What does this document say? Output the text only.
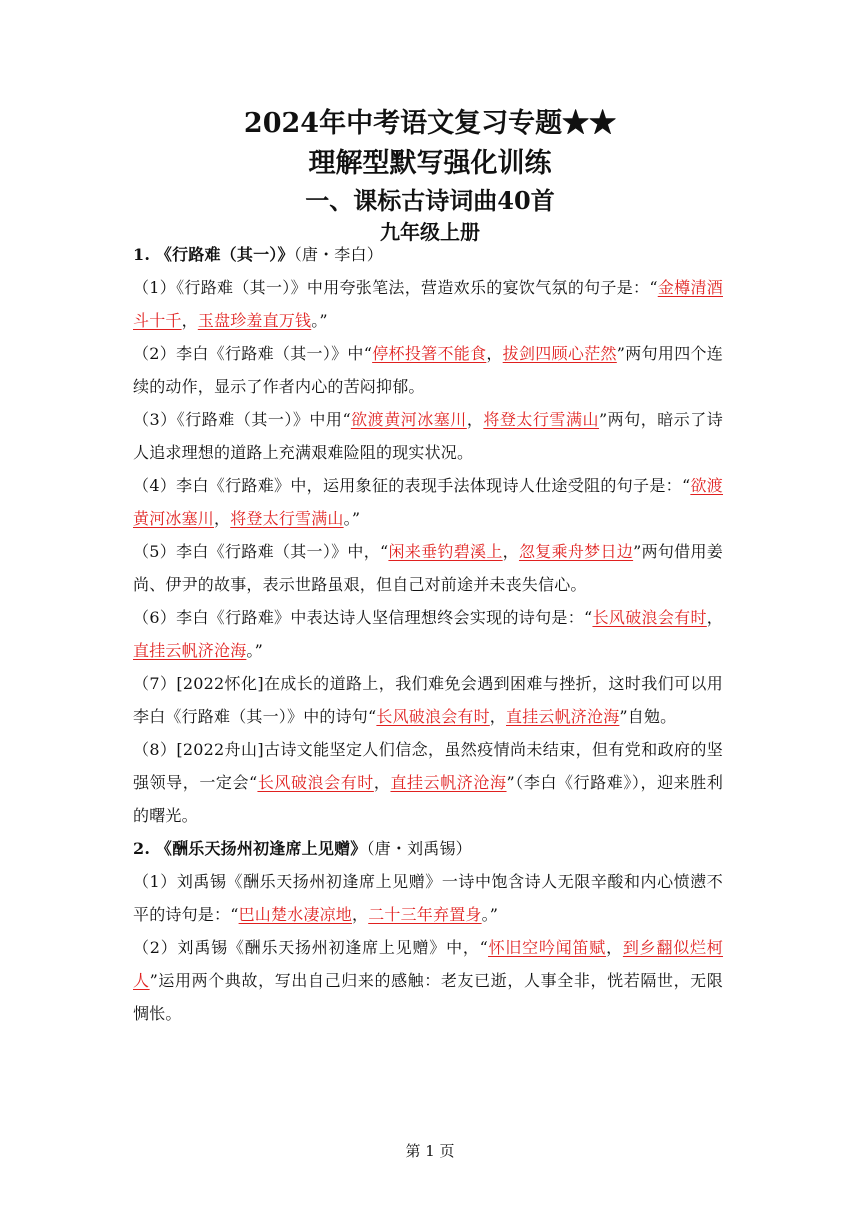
2024年中考语文复习专题★★
理解型默写强化训练
一、课标古诗词曲40首
九年级上册

1. 《行路难（其一）》（唐・李白）

（1）《行路难（其一）》中用夸张笔法，营造欢乐的宴饮气氛的句子是：“金樽清酒斗十千，玉盘珍羞直万钱。”

（2）李白《行路难（其一）》中“停杯投箸不能食，拔剑四顾心茫然”两句用四个连续的动作，显示了作者内心的苦闷抑郁。

（3）《行路难（其一）》中用“欲渡黄河冰塞川，将登太行雪满山”两句，暗示了诗人追求理想的道路上充满艰难险阻的现实状况。

（4）李白《行路难》中，运用象征的表现手法体现诗人仕途受阻的句子是：“欲渡黄河冰塞川，将登太行雪满山。”

（5）李白《行路难（其一）》中，“闲来垂钓碧溪上，忽复乘舟梦日边”两句借用姜尚、伊尹的故事，表示世路虽艰，但自己对前途并未丧失信心。

（6）李白《行路难》中表达诗人坚信理想终会实现的诗句是：“长风破浪会有时，直挂云帆济沧海。”

（7）[2022怀化]在成长的道路上，我们难免会遇到困难与挫折，这时我们可以用李白《行路难（其一）》中的诗句“长风破浪会有时，直挂云帆济沧海”自勉。

（8）[2022舟山]古诗文能坚定人们信念，虽然疫情尚未结束，但有党和政府的坚强领导，一定会“长风破浪会有时，直挂云帆济沧海”（李白《行路难》），迎来胜利的曙光。

2. 《酬乐天扬州初逢席上见赠》（唐・刘禹锡）

（1）刘禹锡《酬乐天扬州初逢席上见赠》一诗中饱含诗人无限辛酸和内心愤懑不平的诗句是：“巴山楚水凄凉地，二十三年弃置身。”

（2）刘禹锡《酬乐天扬州初逢席上见赠》中，“怀旧空吟闻笛赋，到乡翻似烂柯人”运用两个典故，写出自己归来的感触：老友已逝，人事全非，恍若隔世，无限惆怅。

第 1 页
